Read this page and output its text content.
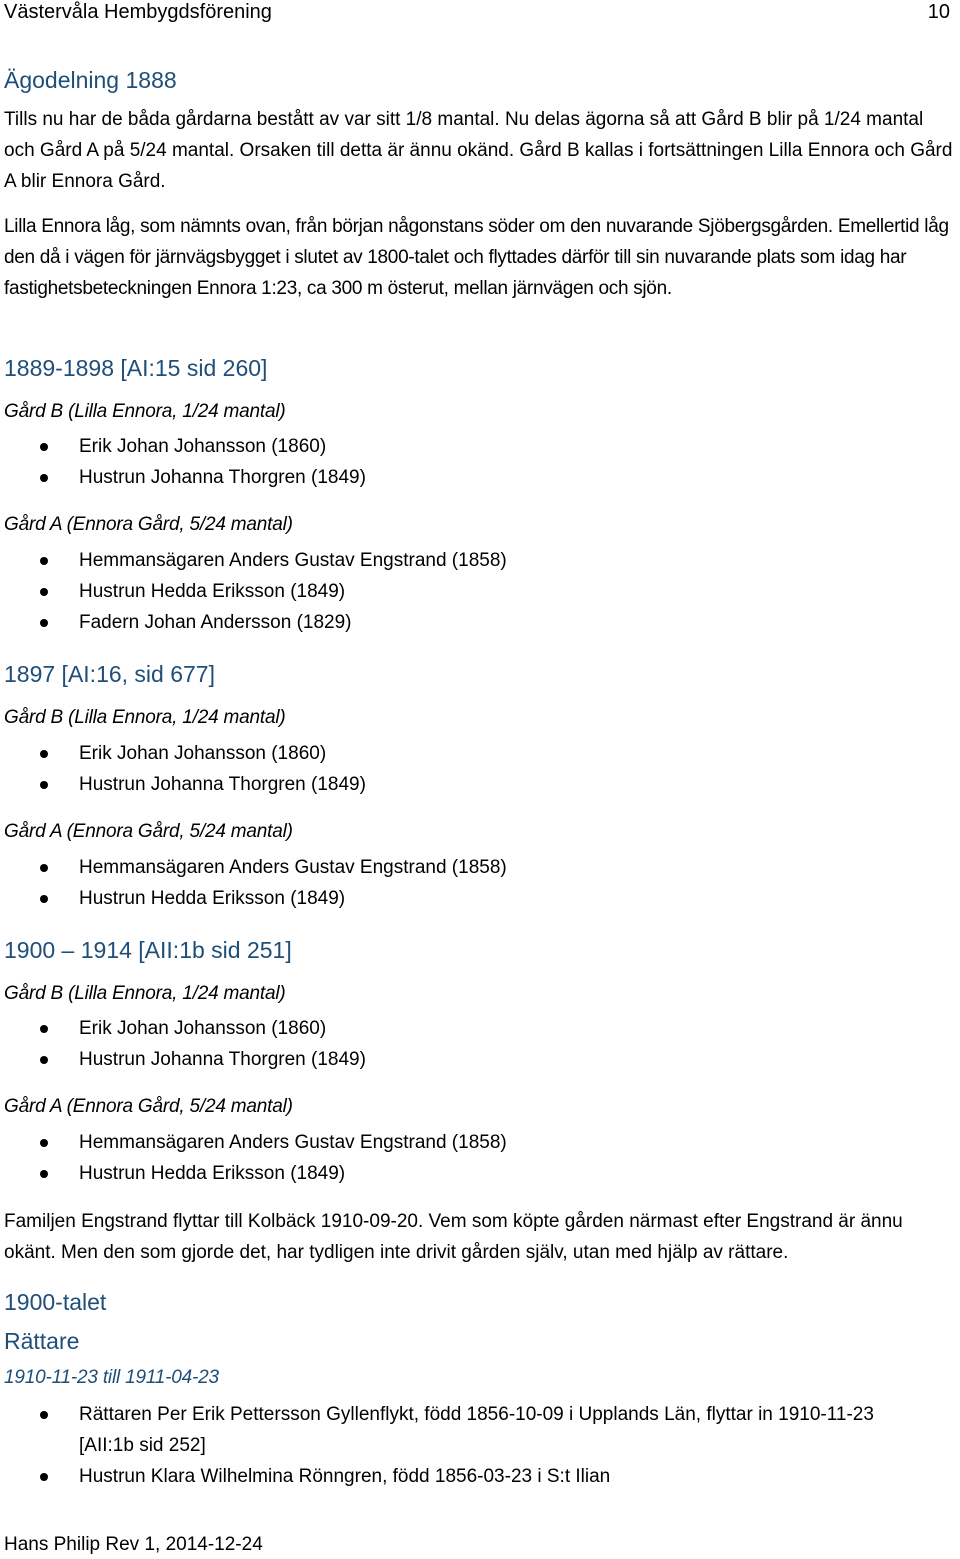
Västervåla Hembygdsförening	10
Ägodelning 1888
Tills nu har de båda gårdarna bestått av var sitt 1/8 mantal. Nu delas ägorna så att Gård B blir på 1/24 mantal och Gård A på 5/24 mantal. Orsaken till detta är ännu okänd. Gård B kallas i fortsättningen Lilla Ennora och Gård A blir Ennora Gård.
Lilla Ennora låg, som nämnts ovan, från början någonstans söder om den nuvarande Sjöbergsgården. Emellertid låg den då i vägen för järnvägsbygget i slutet av 1800-talet och flyttades därför till sin nuvarande plats som idag har fastighetsbeteckningen Ennora 1:23, ca 300 m österut, mellan järnvägen och sjön.
1889-1898 [AI:15 sid 260]
Gård B (Lilla Ennora, 1/24 mantal)
Erik Johan Johansson (1860)
Hustrun Johanna Thorgren (1849)
Gård A (Ennora Gård, 5/24 mantal)
Hemmansägaren Anders Gustav Engstrand (1858)
Hustrun Hedda Eriksson (1849)
Fadern Johan Andersson (1829)
1897 [AI:16, sid 677]
Gård B (Lilla Ennora, 1/24 mantal)
Erik Johan Johansson (1860)
Hustrun Johanna Thorgren (1849)
Gård A (Ennora Gård, 5/24 mantal)
Hemmansägaren Anders Gustav Engstrand (1858)
Hustrun Hedda Eriksson (1849)
1900 – 1914 [AII:1b sid 251]
Gård B (Lilla Ennora, 1/24 mantal)
Erik Johan Johansson (1860)
Hustrun Johanna Thorgren (1849)
Gård A (Ennora Gård, 5/24 mantal)
Hemmansägaren Anders Gustav Engstrand (1858)
Hustrun Hedda Eriksson (1849)
Familjen Engstrand flyttar till Kolbäck 1910-09-20. Vem som köpte gården närmast efter Engstrand är ännu okänt. Men den som gjorde det, har tydligen inte drivit gården själv, utan med hjälp av rättare.
1900-talet
Rättare
1910-11-23 till 1911-04-23
Rättaren Per Erik Pettersson Gyllenflykt, född 1856-10-09 i Upplands Län, flyttar in 1910-11-23
[AII:1b sid 252]
Hustrun Klara Wilhelmina Rönngren, född 1856-03-23 i S:t Ilian
Hans Philip Rev 1, 2014-12-24
